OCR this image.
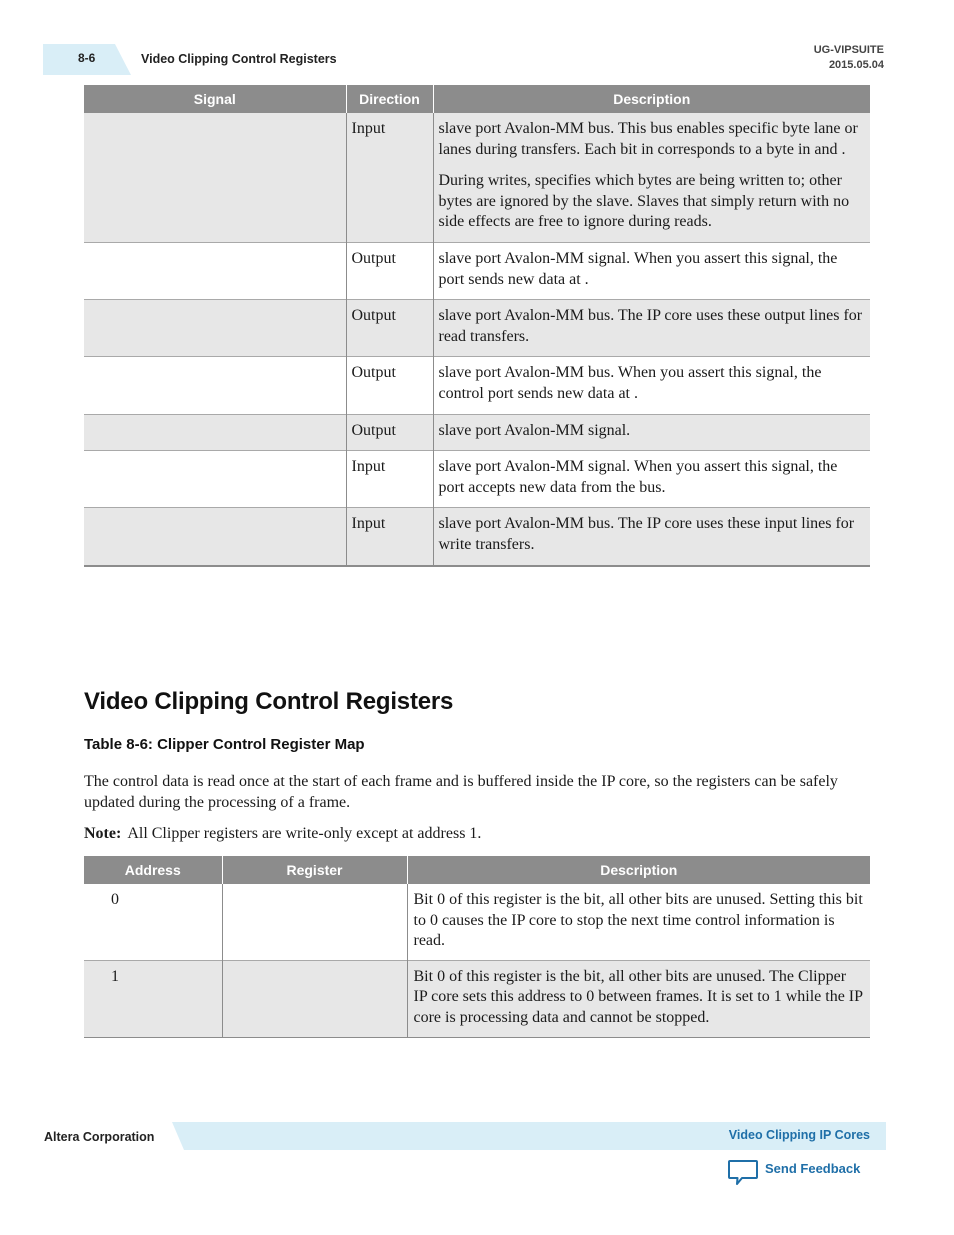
8-6	Video Clipping Control Registers
UG-VIPSUITE
2015.05.04
Signal	Direction	Description
	Input	slave port Avalon-MM bus. This bus enables specific byte lane or lanes during transfers. Each bit in corresponds to a byte in and .
During writes, specifies which bytes are being written to; other bytes are ignored by the slave. Slaves that simply return with no side effects are free to ignore during reads.

	Output	slave port Avalon-MM signal. When you assert this signal, the port sends new data at .

	Output	slave port Avalon-MM bus. The IP core uses these output lines for read transfers.

	Output	slave port Avalon-MM bus. When you assert this signal, the control port sends new data at .

	Output	slave port Avalon-MM signal.

	Input	slave port Avalon-MM signal. When you assert this signal, the port accepts new data from the bus.

	Input	slave port Avalon-MM bus. The IP core uses these input lines for write transfers.
Video Clipping Control Registers
Table 8-6: Clipper Control Register Map

The control data is read once at the start of each frame and is buffered inside the IP core, so the registers can be safely updated during the processing of a frame.

Note: All Clipper registers are write-only except at address 1.

Address	Register	Description
0		Bit 0 of this register is the bit, all other bits are unused. Setting this bit to 0 causes the IP core to stop the next time control information is read.
1		Bit 0 of this register is the bit, all other bits are unused. The Clipper IP core sets this address to 0 between frames. It is set to 1 while the IP core is processing data and cannot be stopped.
Altera Corporation	Video Clipping IP Cores
Send Feedback
